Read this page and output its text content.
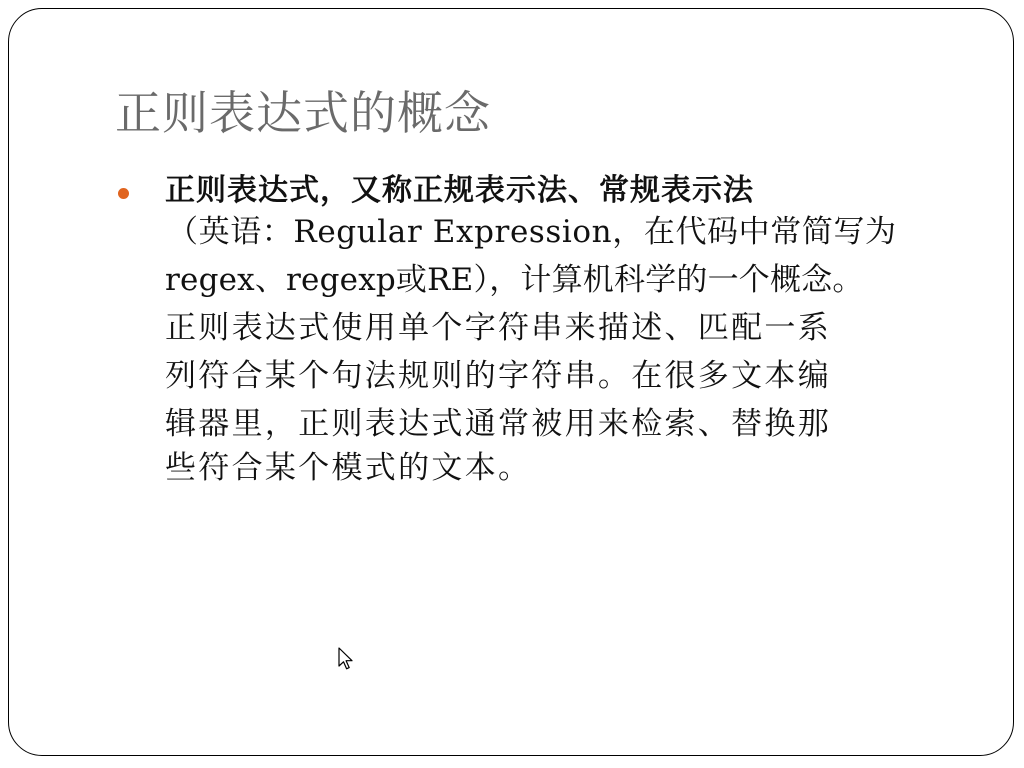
正则表达式的概念
正则表达式，又称正规表示法、常规表示法
（英语：Regular Expression，在代码中常简写为
regex、regexp或RE），计算机科学的一个概念。
正则表达式使用单个字符串来描述、匹配一系
列符合某个句法规则的字符串。在很多文本编
辑器里，正则表达式通常被用来检索、替换那
些符合某个模式的文本。
